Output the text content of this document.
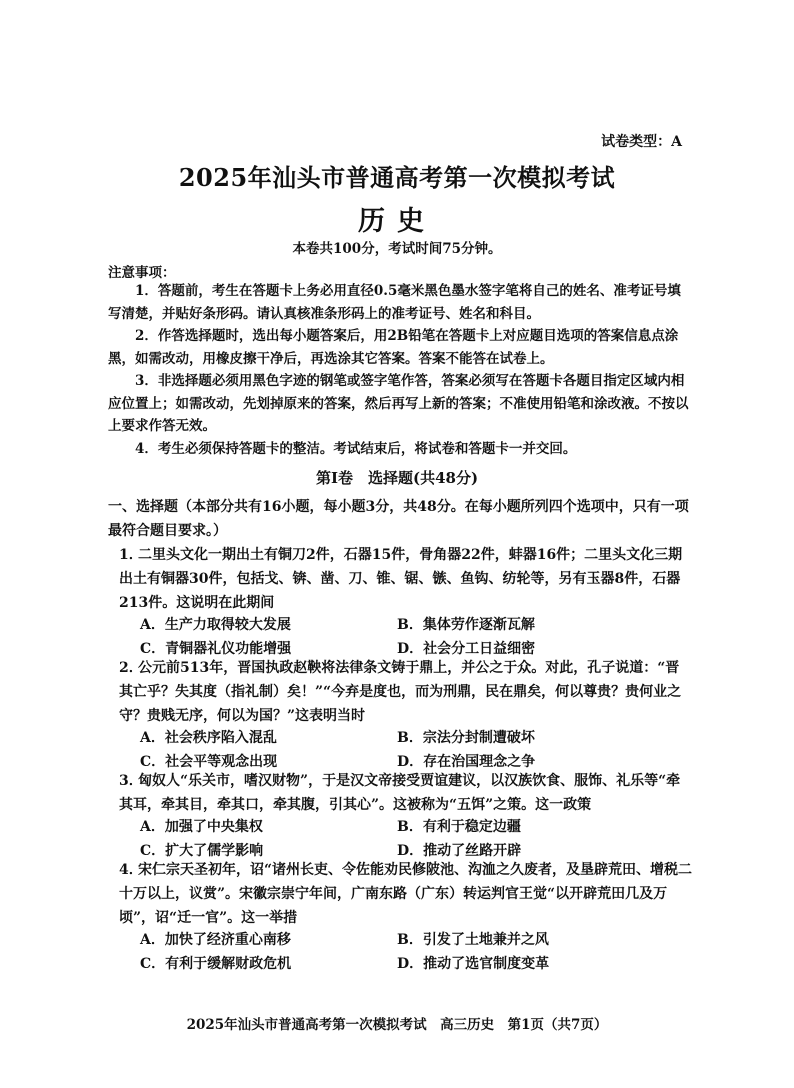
试卷类型：A
2025年汕头市普通高考第一次模拟考试
历史
本卷共100分，考试时间75分钟。
注意事项：
1．答题前，考生在答题卡上务必用直径0.5毫米黑色墨水签字笔将自己的姓名、准考证号填写清楚，并贴好条形码。请认真核准条形码上的准考证号、姓名和科目。
2．作答选择题时，选出每小题答案后，用2B铅笔在答题卡上对应题目选项的答案信息点涂黑，如需改动，用橡皮擦干净后，再选涂其它答案。答案不能答在试卷上。
3．非选择题必须用黑色字迹的钢笔或签字笔作答，答案必须写在答题卡各题目指定区域内相应位置上；如需改动，先划掉原来的答案，然后再写上新的答案；不准使用铅笔和涂改液。不按以上要求作答无效。
4．考生必须保持答题卡的整洁。考试结束后，将试卷和答题卡一并交回。
第Ⅰ卷　选择题(共48分)
一、选择题（本部分共有16小题，每小题3分，共48分。在每小题所列四个选项中，只有一项最符合题目要求。）
1．
二里头文化一期出土有铜刀2件，石器15件，骨角器22件，蚌器16件；二里头文化三期出土有铜器30件，包括戈、锛、凿、刀、锥、锯、镞、鱼钩、纺轮等，另有玉器8件，石器213件。这说明在此期间
A．生产力取得较大发展	B．集体劳作逐渐瓦解
C．青铜器礼仪功能增强	D．社会分工日益细密
2．
公元前513年，晋国执政赵鞅将法律条文铸于鼎上，并公之于众。对此，孔子说道：“晋其亡乎？失其度（指礼制）矣！”“今弃是度也，而为刑鼎，民在鼎矣，何以尊贵？贵何业之守？贵贱无序，何以为国？”这表明当时
A．社会秩序陷入混乱	B．宗法分封制遭破坏
C．社会平等观念出现	D．存在治国理念之争
3．
匈奴人“乐关市，嗜汉财物”，于是汉文帝接受贾谊建议，以汉族饮食、服饰、礼乐等“牵其耳，牵其目，牵其口，牵其腹，引其心”。这被称为“五饵”之策。这一政策
A．加强了中央集权	B．有利于稳定边疆
C．扩大了儒学影响	D．推动了丝路开辟
4．
宋仁宗天圣初年，诏“诸州长吏、令佐能劝民修陂池、沟洫之久废者，及垦辟荒田、增税二十万以上，议赏”。宋徽宗崇宁年间，广南东路（广东）转运判官王觉“以开辟荒田几及万顷”，诏“迁一官”。这一举措
A．加快了经济重心南移	B．引发了土地兼并之风
C．有利于缓解财政危机	D．推动了选官制度变革
2025年汕头市普通高考第一次模拟考试　高三历史　第1页（共7页）
